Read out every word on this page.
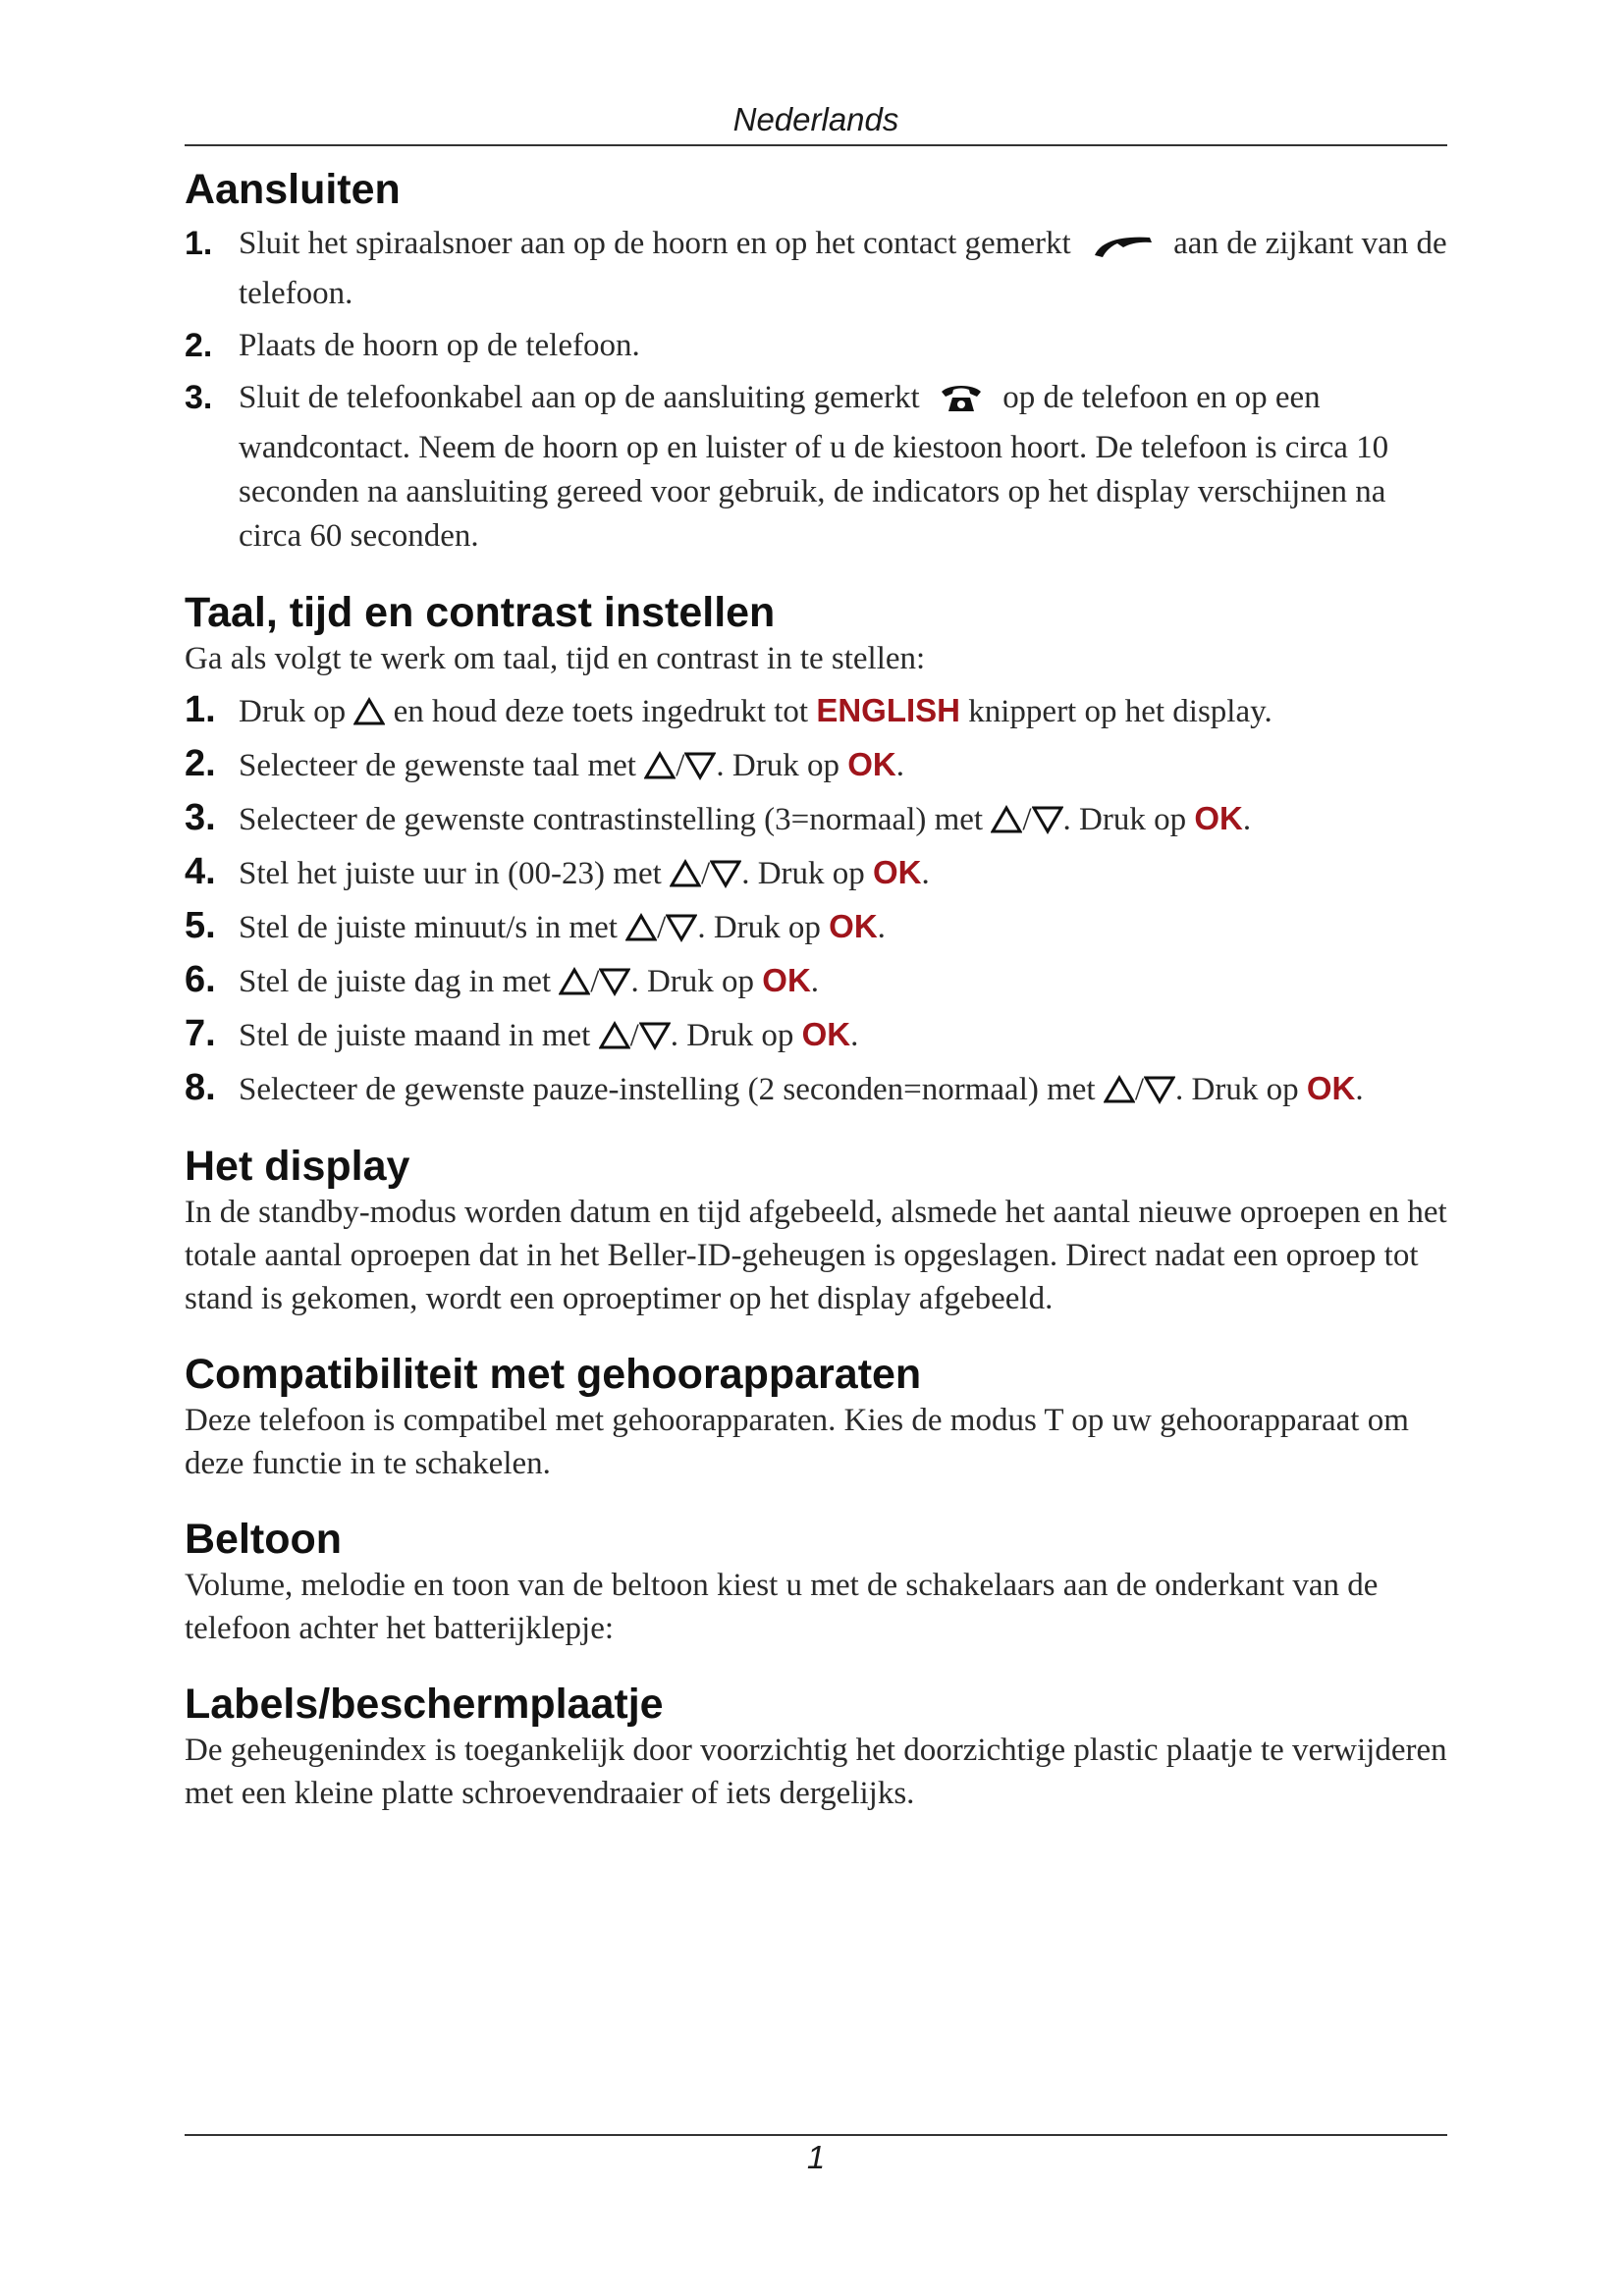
Nederlands
Aansluiten
1. Sluit het spiraalsnoer aan op de hoorn en op het contact gemerkt	aan de zijkant van de telefoon.
2. Plaats de hoorn op de telefoon.
3. Sluit de telefoonkabel aan op de aansluiting gemerkt	op de telefoon en op een wandcontact. Neem de hoorn op en luister of u de kiestoon hoort. De telefoon is circa 10 seconden na aansluiting gereed voor gebruik, de indicators op het display verschijnen na circa 60 seconden.
Taal, tijd en contrast instellen

Ga als volgt te werk om taal, tijd en contrast in te stellen:

1. Druk op en houd deze toets ingedrukt tot ENGLISH knippert op het display.
2. Selecteer de gewenste taal met / . Druk op OK.
3. Selecteer de gewenste contrastinstelling (3=normaal) met / . Druk op OK.
4. Stel het juiste uur in (00-23) met / . Druk op OK.
5. Stel de juiste minuut/s in met / . Druk op OK.
6. Stel de juiste dag in met / . Druk op OK.
7. Stel de juiste maand in met / . Druk op OK.
8. Selecteer de gewenste pauze-instelling (2 seconden=normaal) met / . Druk op OK.
Het display

In de standby-modus worden datum en tijd afgebeeld, alsmede het aantal nieuwe oproepen en het totale aantal oproepen dat in het Beller-ID-geheugen is opgeslagen. Direct nadat een oproep tot stand is gekomen, wordt een oproeptimer op het display afgebeeld.

Compatibiliteit met gehoorapparaten

Deze telefoon is compatibel met gehoorapparaten. Kies de modus T op uw gehoorapparaat om deze functie in te schakelen.

Beltoon

Volume, melodie en toon van de beltoon kiest u met de schakelaars aan de onderkant van de telefoon achter het batterijklepje:

Labels/beschermplaatje

De geheugenindex is toegankelijk door voorzichtig het doorzichtige plastic plaatje te verwijderen met een kleine platte schroevendraaier of iets dergelijks.

1
